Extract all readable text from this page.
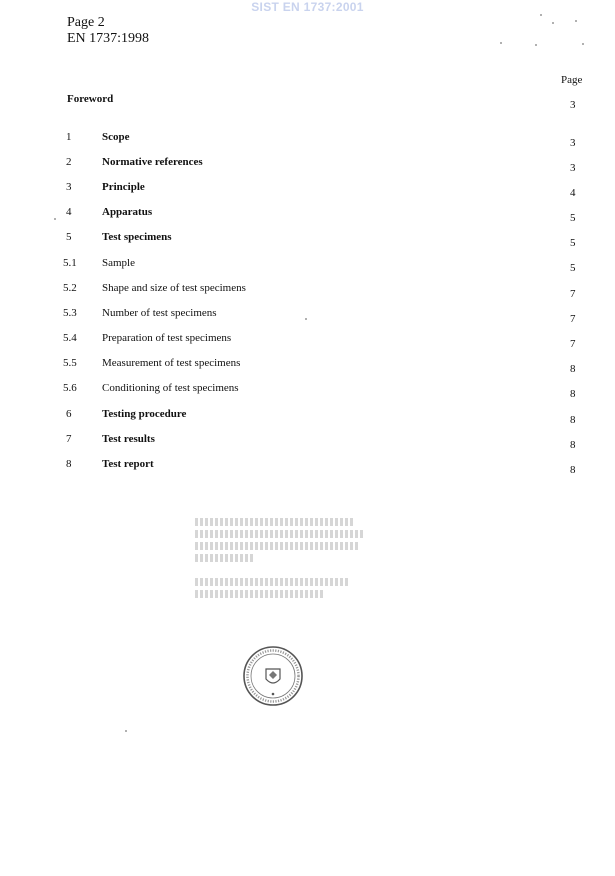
SIST EN 1737:2001
Page 2
EN 1737:1998
Page
Foreword	3
1	Scope	3
2	Normative references	3
3	Principle	4
4	Apparatus	5
5	Test specimens	5
5.1 Sample	5
5.2 Shape and size of test specimens	7
5.3 Number of test specimens	7
5.4 Preparation of test specimens	7
5.5 Measurement of test specimens	8
5.6 Conditioning of test specimens	8
6	Testing procedure	8
7	Test results	8
8	Test report	8
